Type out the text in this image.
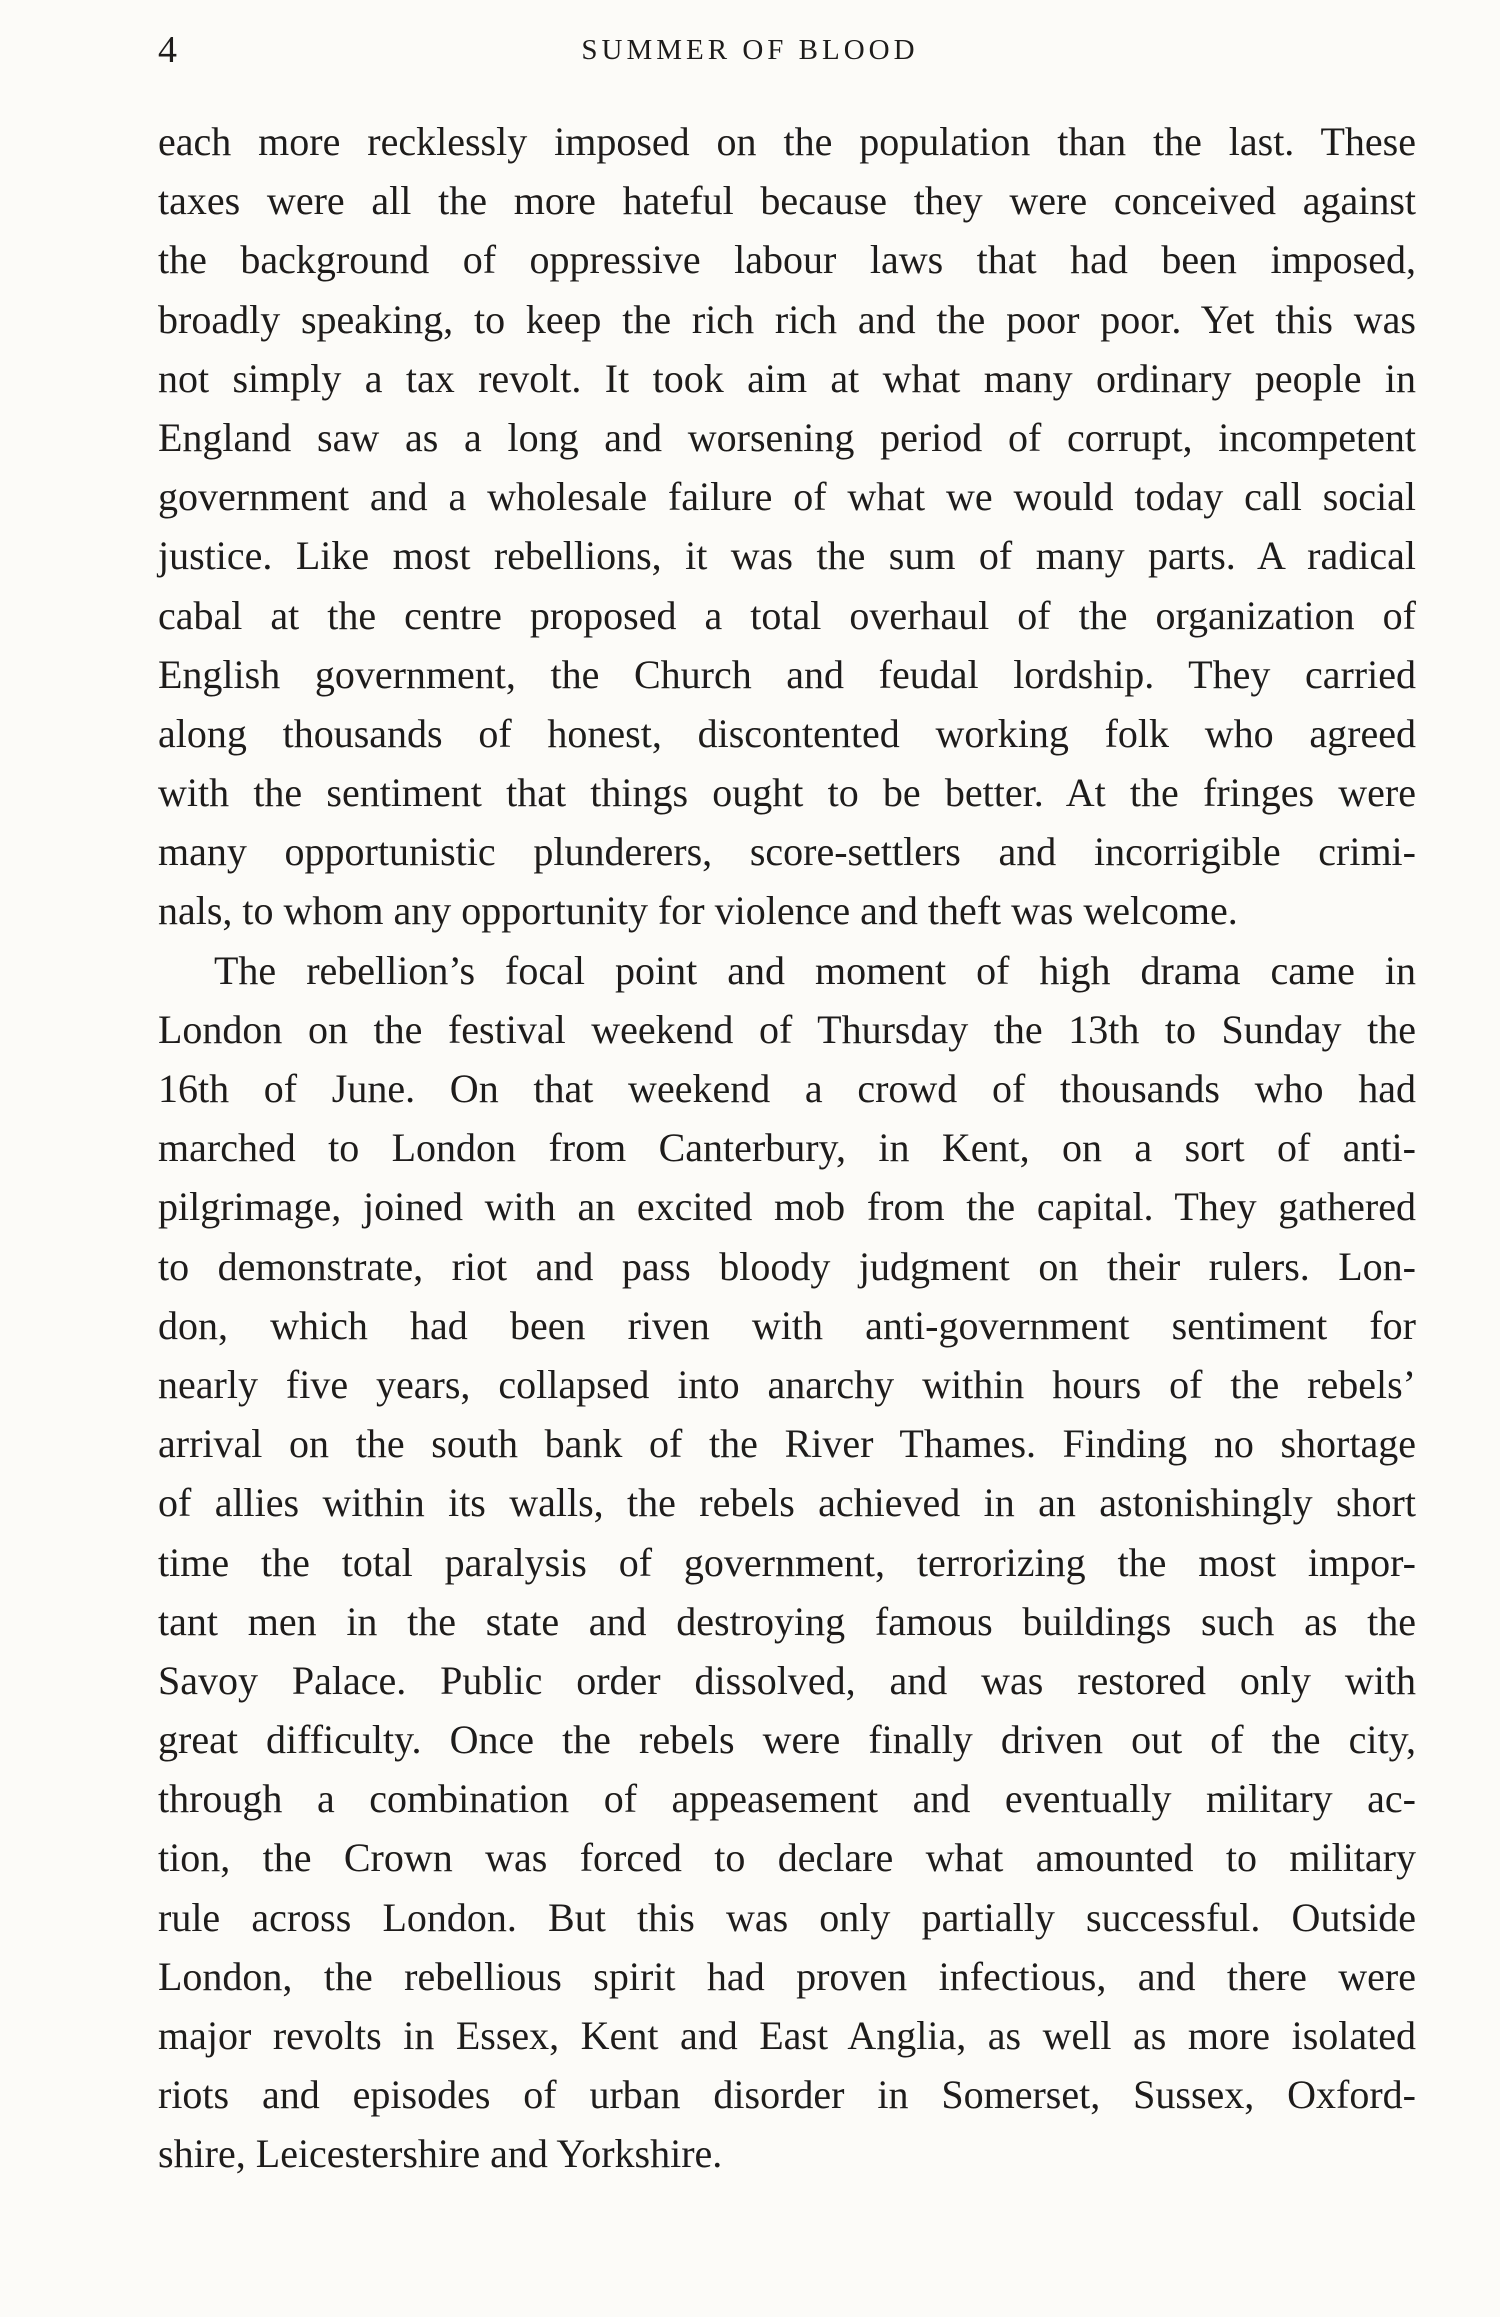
4	SUMMER OF BLOOD
each more recklessly imposed on the population than the last. These
taxes were all the more hateful because they were conceived against
the background of oppressive labour laws that had been imposed,
broadly speaking, to keep the rich rich and the poor poor. Yet this was
not simply a tax revolt. It took aim at what many ordinary people in
England saw as a long and worsening period of corrupt, incompetent
government and a wholesale failure of what we would today call social
justice. Like most rebellions, it was the sum of many parts. A radical
cabal at the centre proposed a total overhaul of the organization of
English government, the Church and feudal lordship. They carried
along thousands of honest, discontented working folk who agreed
with the sentiment that things ought to be better. At the fringes were
many opportunistic plunderers, score-settlers and incorrigible crimi-
nals, to whom any opportunity for violence and theft was welcome.
The rebellion’s focal point and moment of high drama came in
London on the festival weekend of Thursday the 13th to Sunday the
16th of June. On that weekend a crowd of thousands who had
marched to London from Canterbury, in Kent, on a sort of anti-
pilgrimage, joined with an excited mob from the capital. They gathered
to demonstrate, riot and pass bloody judgment on their rulers. Lon-
don, which had been riven with anti-government sentiment for
nearly five years, collapsed into anarchy within hours of the rebels’
arrival on the south bank of the River Thames. Finding no shortage
of allies within its walls, the rebels achieved in an astonishingly short
time the total paralysis of government, terrorizing the most impor-
tant men in the state and destroying famous buildings such as the
Savoy Palace. Public order dissolved, and was restored only with
great difficulty. Once the rebels were finally driven out of the city,
through a combination of appeasement and eventually military ac-
tion, the Crown was forced to declare what amounted to military
rule across London. But this was only partially successful. Outside
London, the rebellious spirit had proven infectious, and there were
major revolts in Essex, Kent and East Anglia, as well as more isolated
riots and episodes of urban disorder in Somerset, Sussex, Oxford-
shire, Leicestershire and Yorkshire.
